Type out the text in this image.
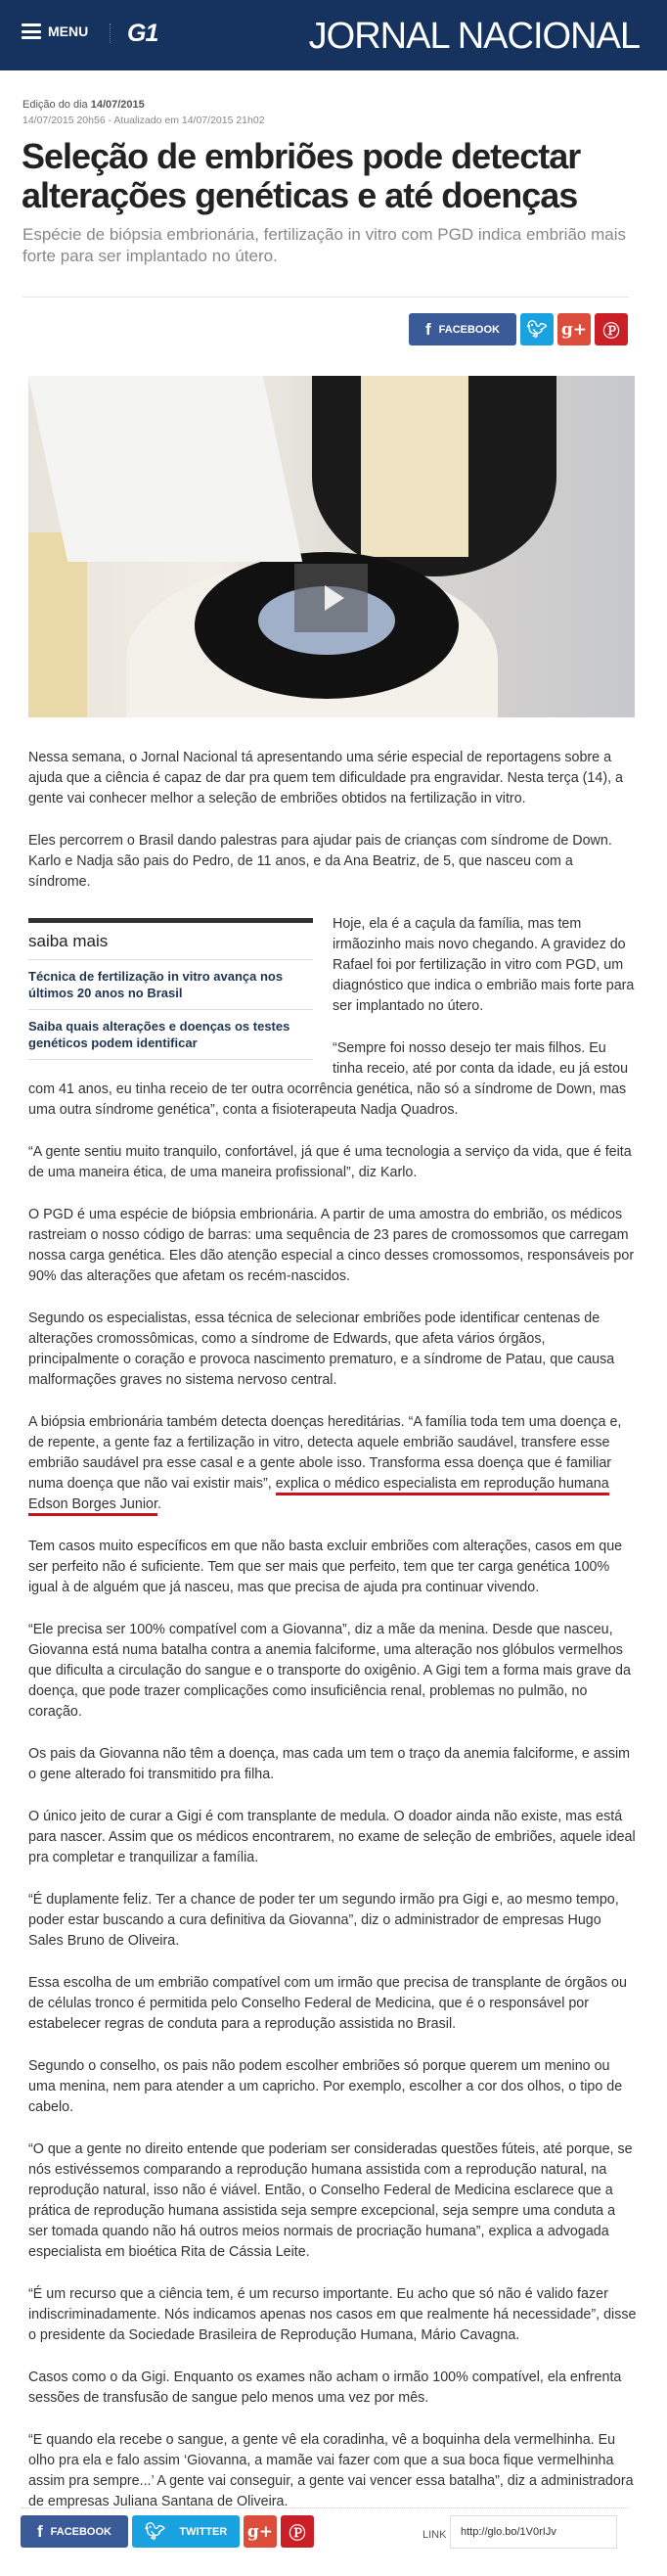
MENU G1	JORNAL NACIONAL
Edição do dia 14/07/2015
14/07/2015 20h56 - Atualizado em 14/07/2015 21h02
Seleção de embriões pode detectar alterações genéticas e até doenças
Espécie de biópsia embrionária, fertilização in vitro com PGD indica embrião mais forte para ser implantado no útero.
f FACEBOOK 🐦︎ g+ Ⓟ

Nessa semana, o Jornal Nacional tá apresentando uma série especial de reportagens sobre a ajuda que a ciência é capaz de dar pra quem tem dificuldade pra engravidar. Nesta terça (14), a gente vai conhecer melhor a seleção de embriões obtidos na fertilização in vitro.

Eles percorrem o Brasil dando palestras para ajudar pais de crianças com síndrome de Down. Karlo e Nadja são pais do Pedro, de 11 anos, e da Ana Beatriz, de 5, que nasceu com a síndrome.

saiba mais
Técnica de fertilização in vitro avança nos últimos 20 anos no Brasil
Saiba quais alterações e doenças os testes genéticos podem identificar

Hoje, ela é a caçula da família, mas tem irmãozinho mais novo chegando. A gravidez do Rafael foi por fertilização in vitro com PGD, um diagnóstico que indica o embrião mais forte para ser implantado no útero.

“Sempre foi nosso desejo ter mais filhos. Eu tinha receio, até por conta da idade, eu já estou com 41 anos, eu tinha receio de ter outra ocorrência genética, não só a síndrome de Down, mas uma outra síndrome genética”, conta a fisioterapeuta Nadja Quadros.

“A gente sentiu muito tranquilo, confortável, já que é uma tecnologia a serviço da vida, que é feita de uma maneira ética, de uma maneira profissional”, diz Karlo.

O PGD é uma espécie de biópsia embrionária. A partir de uma amostra do embrião, os médicos rastreiam o nosso código de barras: uma sequência de 23 pares de cromossomos que carregam nossa carga genética. Eles dão atenção especial a cinco desses cromossomos, responsáveis por 90% das alterações que afetam os recém-nascidos.

Segundo os especialistas, essa técnica de selecionar embriões pode identificar centenas de alterações cromossômicas, como a síndrome de Edwards, que afeta vários órgãos, principalmente o coração e provoca nascimento prematuro, e a síndrome de Patau, que causa malformações graves no sistema nervoso central.

A biópsia embrionária também detecta doenças hereditárias. “A família toda tem uma doença e, de repente, a gente faz a fertilização in vitro, detecta aquele embrião saudável, transfere esse embrião saudável pra esse casal e a gente abole isso. Transforma essa doença que é familiar numa doença que não vai existir mais”, explica o médico especialista em reprodução humana Edson Borges Junior.

Tem casos muito específicos em que não basta excluir embriões com alterações, casos em que ser perfeito não é suficiente. Tem que ser mais que perfeito, tem que ter carga genética 100% igual à de alguém que já nasceu, mas que precisa de ajuda pra continuar vivendo.

“Ele precisa ser 100% compatível com a Giovanna”, diz a mãe da menina. Desde que nasceu, Giovanna está numa batalha contra a anemia falciforme, uma alteração nos glóbulos vermelhos que dificulta a circulação do sangue e o transporte do oxigênio. A Gigi tem a forma mais grave da doença, que pode trazer complicações como insuficiência renal, problemas no pulmão, no coração.

Os pais da Giovanna não têm a doença, mas cada um tem o traço da anemia falciforme, e assim o gene alterado foi transmitido pra filha.

O único jeito de curar a Gigi é com transplante de medula. O doador ainda não existe, mas está para nascer. Assim que os médicos encontrarem, no exame de seleção de embriões, aquele ideal pra completar e tranquilizar a família.

“É duplamente feliz. Ter a chance de poder ter um segundo irmão pra Gigi e, ao mesmo tempo, poder estar buscando a cura definitiva da Giovanna”, diz o administrador de empresas Hugo Sales Bruno de Oliveira.

Essa escolha de um embrião compatível com um irmão que precisa de transplante de órgãos ou de células tronco é permitida pelo Conselho Federal de Medicina, que é o responsável por estabelecer regras de conduta para a reprodução assistida no Brasil.

Segundo o conselho, os pais não podem escolher embriões só porque querem um menino ou uma menina, nem para atender a um capricho. Por exemplo, escolher a cor dos olhos, o tipo de cabelo.

“O que a gente no direito entende que poderiam ser consideradas questões fúteis, até porque, se nós estivéssemos comparando a reprodução humana assistida com a reprodução natural, na reprodução natural, isso não é viável. Então, o Conselho Federal de Medicina esclarece que a prática de reprodução humana assistida seja sempre excepcional, seja sempre uma conduta a ser tomada quando não há outros meios normais de procriação humana”, explica a advogada especialista em bioética Rita de Cássia Leite.

“É um recurso que a ciência tem, é um recurso importante. Eu acho que só não é valido fazer indiscriminadamente. Nós indicamos apenas nos casos em que realmente há necessidade”, disse o presidente da Sociedade Brasileira de Reprodução Humana, Mário Cavagna.

Casos como o da Gigi. Enquanto os exames não acham o irmão 100% compatível, ela enfrenta sessões de transfusão de sangue pelo menos uma vez por mês.

“E quando ela recebe o sangue, a gente vê ela coradinha, vê a boquinha dela vermelhinha. Eu olho pra ela e falo assim ‘Giovanna, a mamãe vai fazer com que a sua boca fique vermelhinha assim pra sempre...’ A gente vai conseguir, a gente vai vencer essa batalha”, diz a administradora de empresas Juliana Santana de Oliveira.

f FACEBOOK 🐦︎ TWITTER g+ Ⓟ	LINK
http://glo.bo/1V0rIJv
